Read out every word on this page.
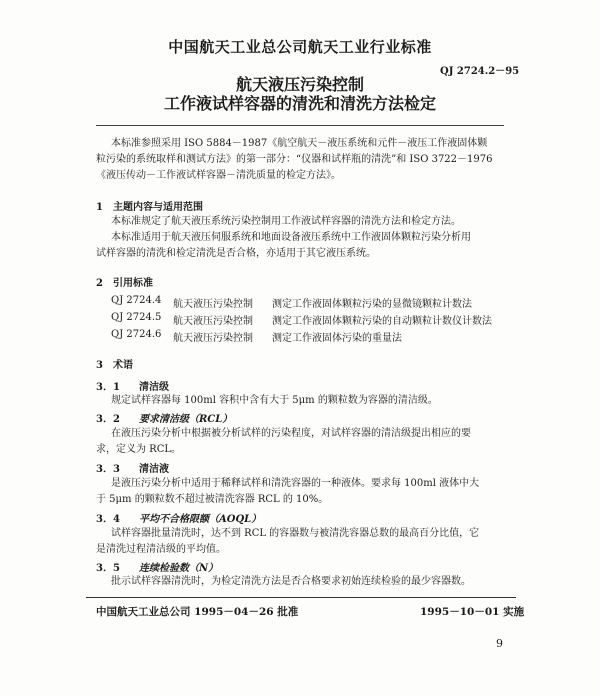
中国航天工业总公司航天工业行业标准
QJ 2724.2－95
航天液压污染控制
工作液试样容器的清洗和清洗方法检定
本标准参照采用 ISO 5884－1987《航空航天－液压系统和元件－液压工作液固体颗
粒污染的系统取样和测试方法》的第一部分：“仪器和试样瓶的清洗”和 ISO 3722－1976
《液压传动－工作液试样容器－清洗质量的检定方法》。
1　主题内容与适用范围
本标准规定了航天液压系统污染控制用工作液试样容器的清洗方法和检定方法。
本标准适用于航天液压伺服系统和地面设备液压系统中工作液固体颗粒污染分析用
试样容器的清洗和检定清洗是否合格，亦适用于其它液压系统。
2　引用标准
QJ 2724.4 航天液压污染控制 测定工作液固体颗粒污染的显微镜颗粒计数法
QJ 2724.5 航天液压污染控制 测定工作液固体颗粒污染的自动颗粒计数仪计数法
QJ 2724.6 航天液压污染控制 测定工作液固体污染的重量法
3　术语
3．1 清洁级
规定试样容器每 100ml 容积中含有大于 5μm 的颗粒数为容器的清洁级。
3．2 要求清洁级（RCL）
在液压污染分析中根据被分析试样的污染程度，对试样容器的清洁级提出相应的要
求，定义为 RCL。
3．3 清洁液
是液压污染分析中适用于稀释试样和清洗容器的一种液体。要求每 100ml 液体中大
于 5μm 的颗粒数不超过被清洗容器 RCL 的 10%。
3．4 平均不合格限额（AOQL）
试样容器批量清洗时，达不到 RCL 的容器数与被清洗容器总数的最高百分比值，它
是清洗过程清洁级的平均值。
3．5 连续检验数（N）
批示试样容器清洗时，为检定清洗方法是否合格要求初始连续检验的最少容器数。
中国航天工业总公司 1995－04－26 批准	1995－10－01 实施
9
